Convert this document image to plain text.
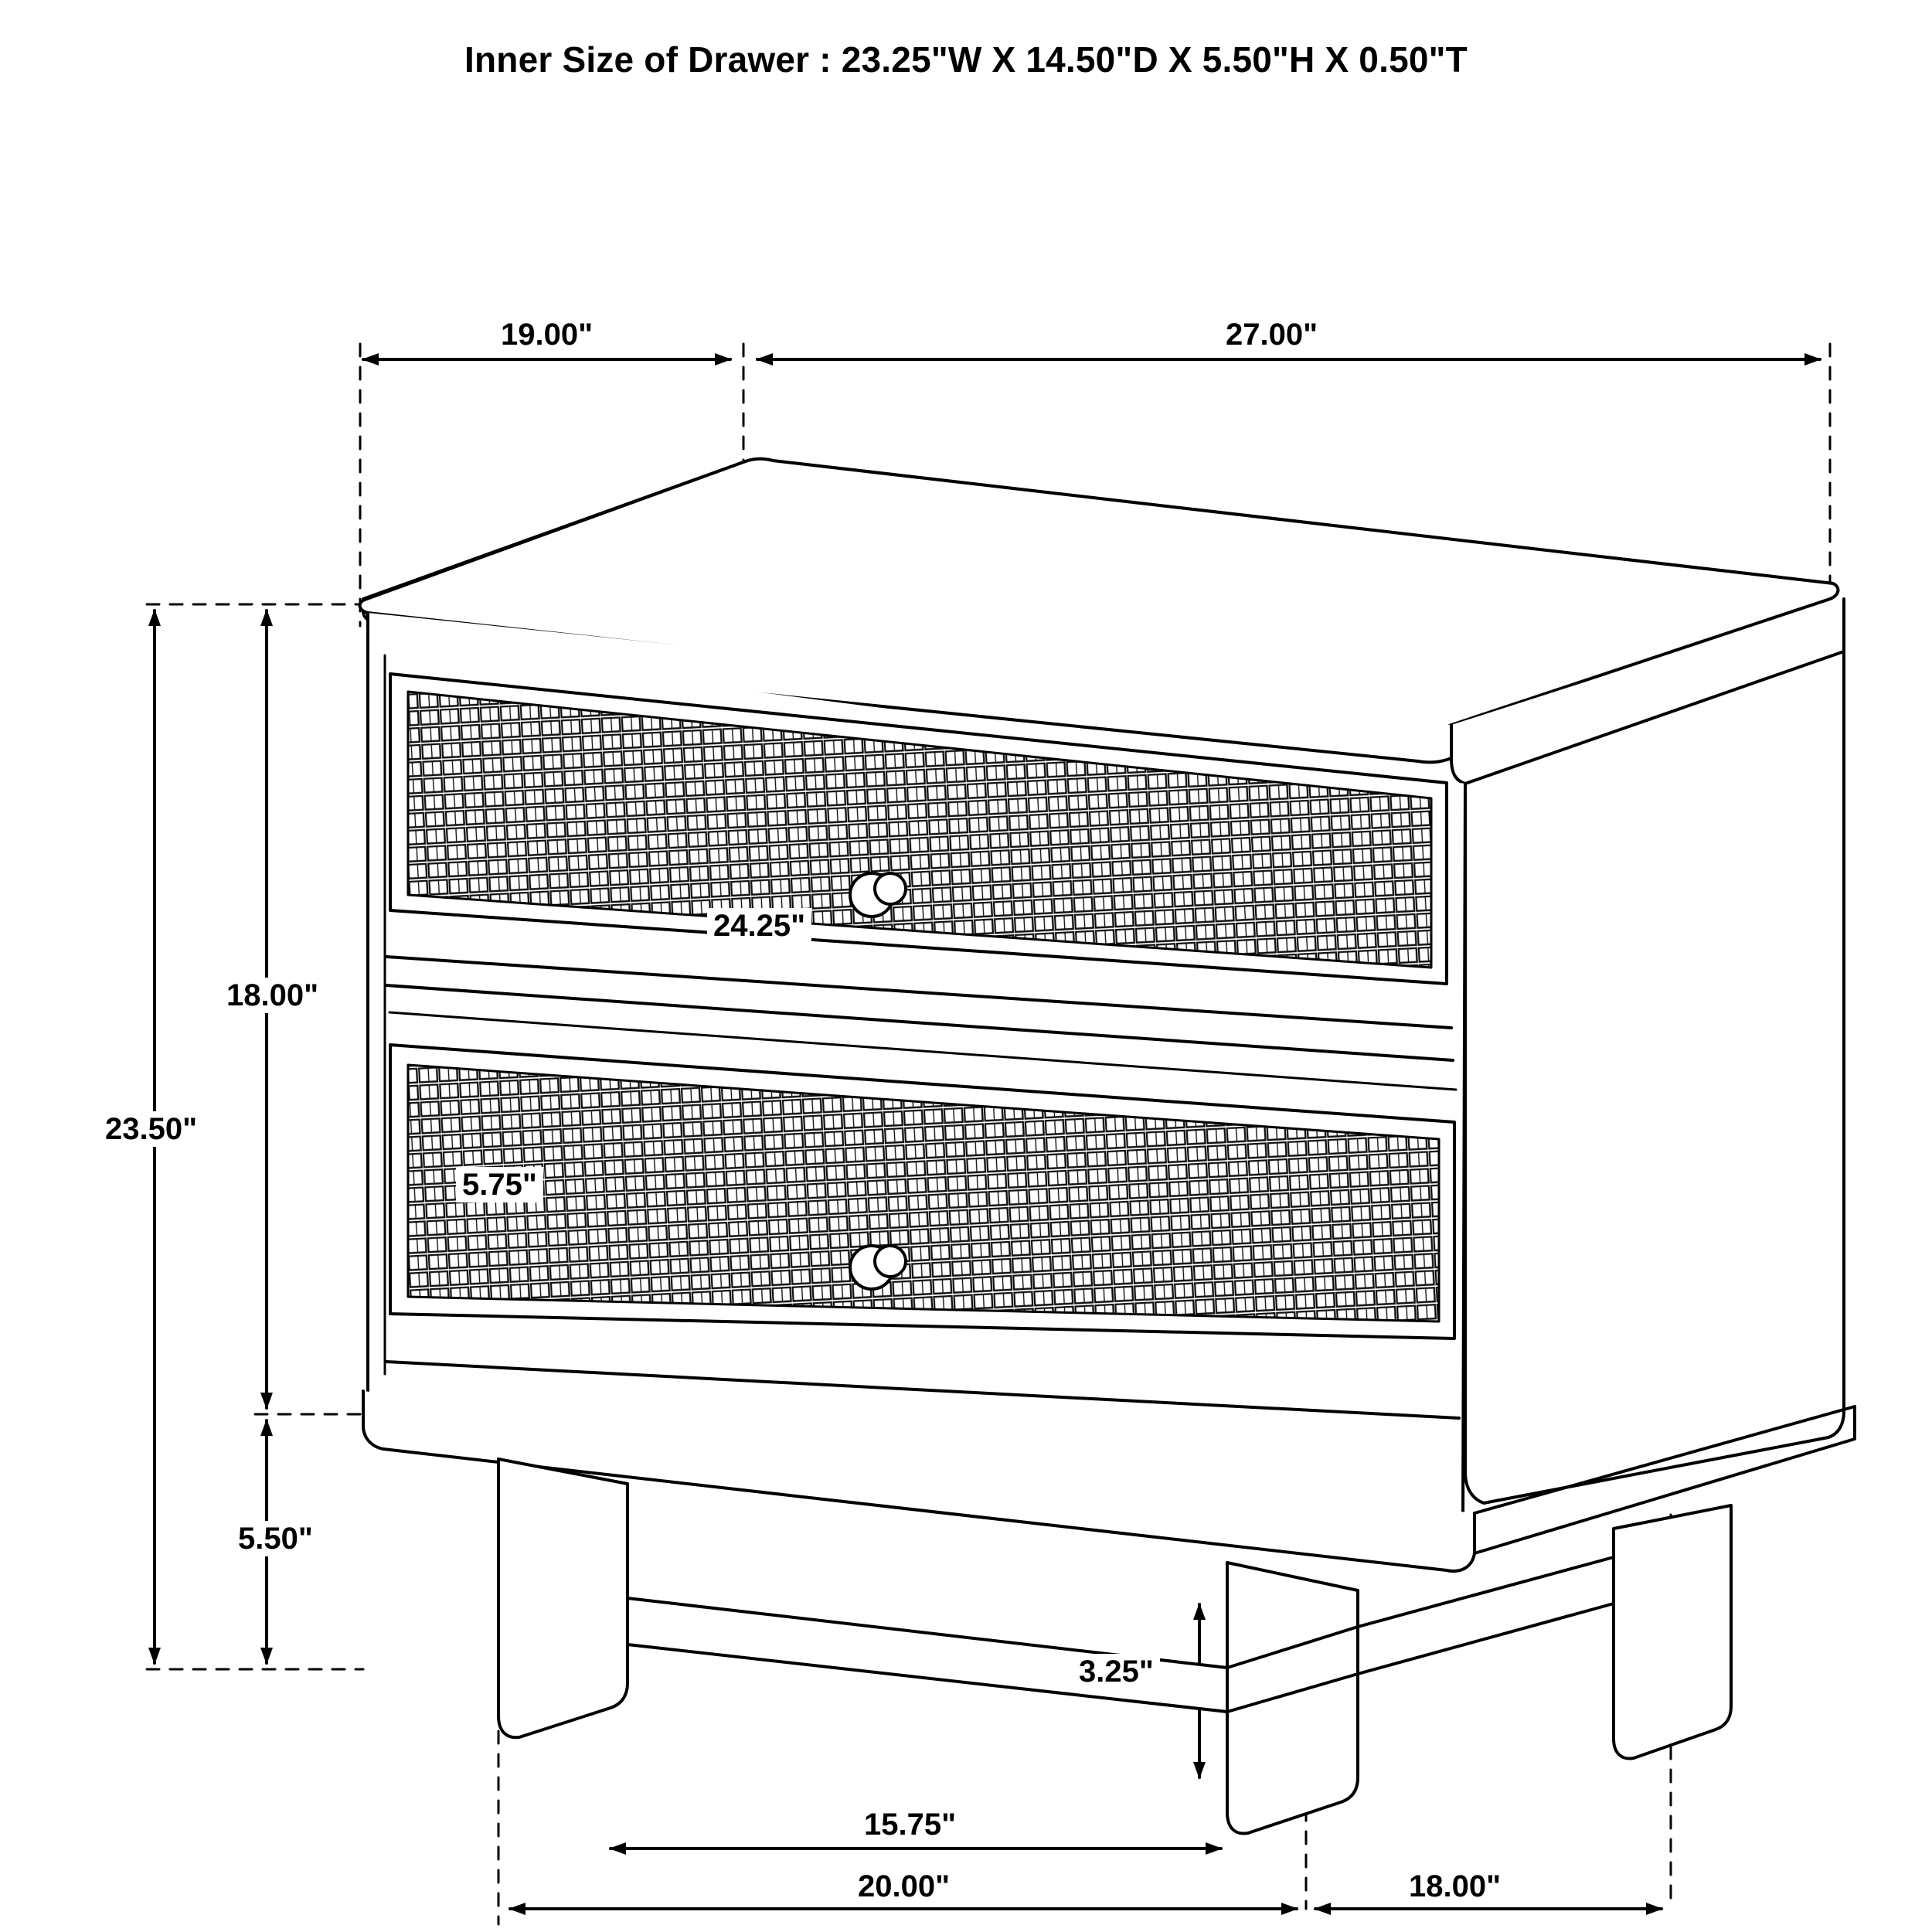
Inner Size of Drawer : 23.25"W X 14.50"D X 5.50"H X 0.50"T
19.00"	27.00"
23.50"
18.00"
5.50"
24.25"
5.75"
3.25"
15.75"
20.00"	18.00"
